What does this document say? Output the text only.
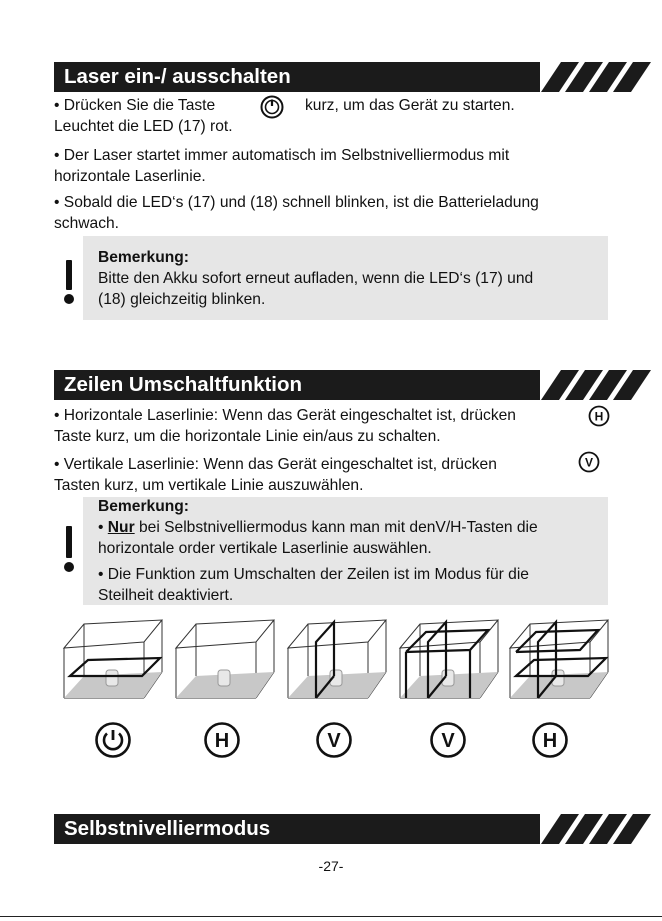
Laser ein-/ ausschalten

• Drücken Sie die Taste	kurz, um das Gerät zu starten.

Leuchtet die LED (17) rot.

• Der Laser startet immer automatisch im Selbstnivelliermodus mit
horizontale Laserlinie.

• Sobald die LED‘s (17) und (18) schnell blinken, ist die Batterieladung
schwach.

Bemerkung:
Bitte den Akku sofort erneut aufladen, wenn die LED‘s (17) und
(18) gleichzeitig blinken.
Zeilen Umschaltfunktion

• Horizontale Laserlinie: Wenn das Gerät eingeschaltet ist, drücken
Taste kurz, um die horizontale Linie ein/aus zu schalten.

H

• Vertikale Laserlinie: Wenn das Gerät eingeschaltet ist, drücken
Tasten kurz, um vertikale Linie auszuwählen.

V
Bemerkung:
• Nur bei Selbstnivelliermodus kann man mit denV/H-Tasten die
horizontale order vertikale Laserlinie auswählen.
• Die Funktion zum Umschalten der Zeilen ist im Modus für die
Steilheit deaktiviert.
H	V	V	H
Selbstnivelliermodus
-27-
